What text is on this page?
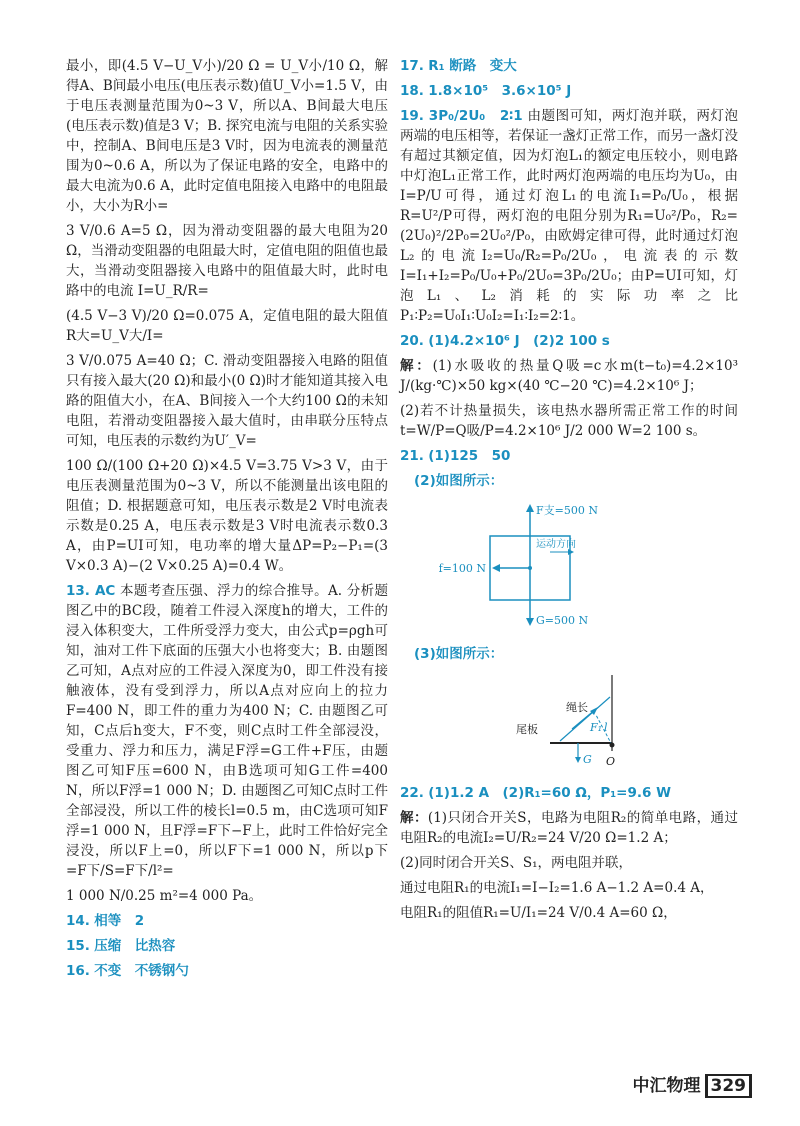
最小，即(4.5 V−U_V小)/20 Ω = U_V小/10 Ω，解得A、B间最小电压(电压表示数)值U_V小=1.5 V，由于电压表测量范围为0~3 V，所以A、B间最大电压(电压表示数)值是3 V；B. 探究电流与电阻的关系实验中，控制A、B间电压是3 V时，因为电流表的测量范围为0~0.6 A，所以为了保证电路的安全，电路中的最大电流为0.6 A，此时定值电阻接入电路中的电阻最小，大小为R小=

3 V/0.6 A=5 Ω，因为滑动变阻器的最大电阻为20 Ω，当滑动变阻器的电阻最大时，定值电阻的阻值也最大，当滑动变阻器接入电路中的阻值最大时，此时电路中的电流 I=U_R/R=

(4.5 V−3 V)/20 Ω=0.075 A，定值电阻的最大阻值R大=U_V大/I=

3 V/0.075 A=40 Ω；C. 滑动变阻器接入电路的阻值只有接入最大(20 Ω)和最小(0 Ω)时才能知道其接入电路的阻值大小，在A、B间接入一个大约100 Ω的未知电阻，若滑动变阻器接入最大值时，由串联分压特点可知，电压表的示数约为U′_V=

100 Ω/(100 Ω+20 Ω)×4.5 V=3.75 V>3 V，由于电压表测量范围为0~3 V，所以不能测量出该电阻的阻值；D. 根据题意可知，电压表示数是2 V时电流表示数是0.25 A，电压表示数是3 V时电流表示数0.3 A，由P=UI可知，电功率的增大量ΔP=P₂−P₁=(3 V×0.3 A)−(2 V×0.25 A)=0.4 W。

13. AC 本题考查压强、浮力的综合推导。A. 分析题图乙中的BC段，随着工件浸入深度h的增大，工件的浸入体积变大，工件所受浮力变大，由公式p=ρgh可知，油对工件下底面的压强大小也将变大；B. 由题图乙可知，A点对应的工件浸入深度为0，即工件没有接触液体，没有受到浮力，所以A点对应向上的拉力F=400 N，即工件的重力为400 N；C. 由题图乙可知，C点后h变大，F不变，则C点时工件全部浸没，受重力、浮力和压力，满足F浮=G工件+F压，由题图乙可知F压=600 N，由B选项可知G工件=400 N，所以F浮=1 000 N；D. 由题图乙可知C点时工件全部浸没，所以工件的棱长l=0.5 m，由C选项可知F浮=1 000 N，且F浮=F下−F上，此时工件恰好完全浸没，所以F上=0，所以F下=1 000 N，所以p下=F下/S=F下/l²=

1 000 N/0.25 m²=4 000 Pa。

14. 相等　2

15. 压缩　比热容

16. 不变　不锈钢勺

17. R₁ 断路　变大

18. 1.8×10⁵　3.6×10⁵ J

19. 3P₀/2U₀　2∶1 由题图可知，两灯泡并联，两灯泡两端的电压相等，若保证一盏灯正常工作，而另一盏灯没有超过其额定值，因为灯泡L₁的额定电压较小，则电路中灯泡L₁正常工作，此时两灯泡两端的电压均为U₀，由I=P/U可得，通过灯泡L₁的电流I₁=P₀/U₀，根据R=U²/P可得，两灯泡的电阻分别为R₁=U₀²/P₀，R₂=(2U₀)²/2P₀=2U₀²/P₀，由欧姆定律可得，此时通过灯泡L₂的电流I₂=U₀/R₂=P₀/2U₀，电流表的示数I=I₁+I₂=P₀/U₀+P₀/2U₀=3P₀/2U₀；由P=UI可知，灯泡L₁、L₂消耗的实际功率之比P₁∶P₂=U₀I₁∶U₀I₂=I₁∶I₂=2∶1。

20. (1)4.2×10⁶ J　(2)2 100 s

解：(1)水吸收的热量Q吸=c水m(t−t₀)=4.2×10³ J/(kg·℃)×50 kg×(40 ℃−20 ℃)=4.2×10⁶ J；

(2)若不计热量损失，该电热水器所需正常工作的时间t=W/P=Q吸/P=4.2×10⁶ J/2 000 W=2 100 s。

21. (1)125　50

(2)如图所示：

F支=500 N
运动方向
f=100 N
G=500 N

(3)如图所示：

绳长
尾板	F₁ l
G O

22. (1)1.2 A　(2)R₁=60 Ω，P₁=9.6 W

解：(1)只闭合开关S，电路为电阻R₂的简单电路，通过电阻R₂的电流I₂=U/R₂=24 V/20 Ω=1.2 A；

(2)同时闭合开关S、S₁，两电阻并联，

通过电阻R₁的电流I₁=I−I₂=1.6 A−1.2 A=0.4 A，

电阻R₁的阻值R₁=U/I₁=24 V/0.4 A=60 Ω，

中汇物理 329
